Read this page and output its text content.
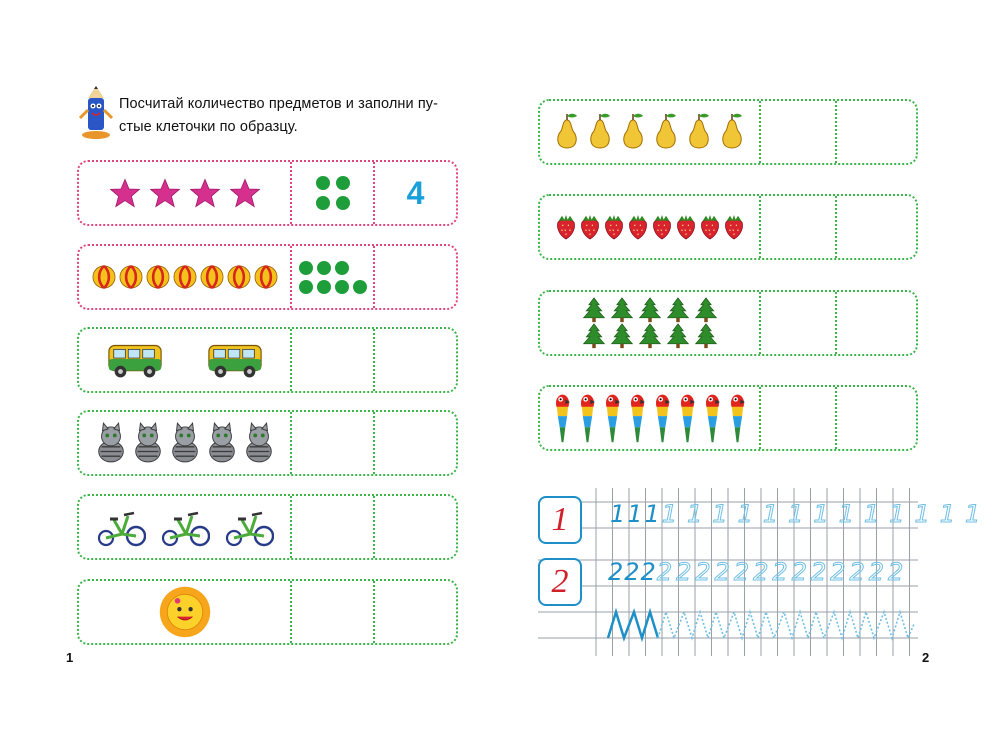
Посчитай количество предметов и заполни пу-
стые клеточки по образцу.
4
1
1
2
1111111111111111
2222222222222222
2
